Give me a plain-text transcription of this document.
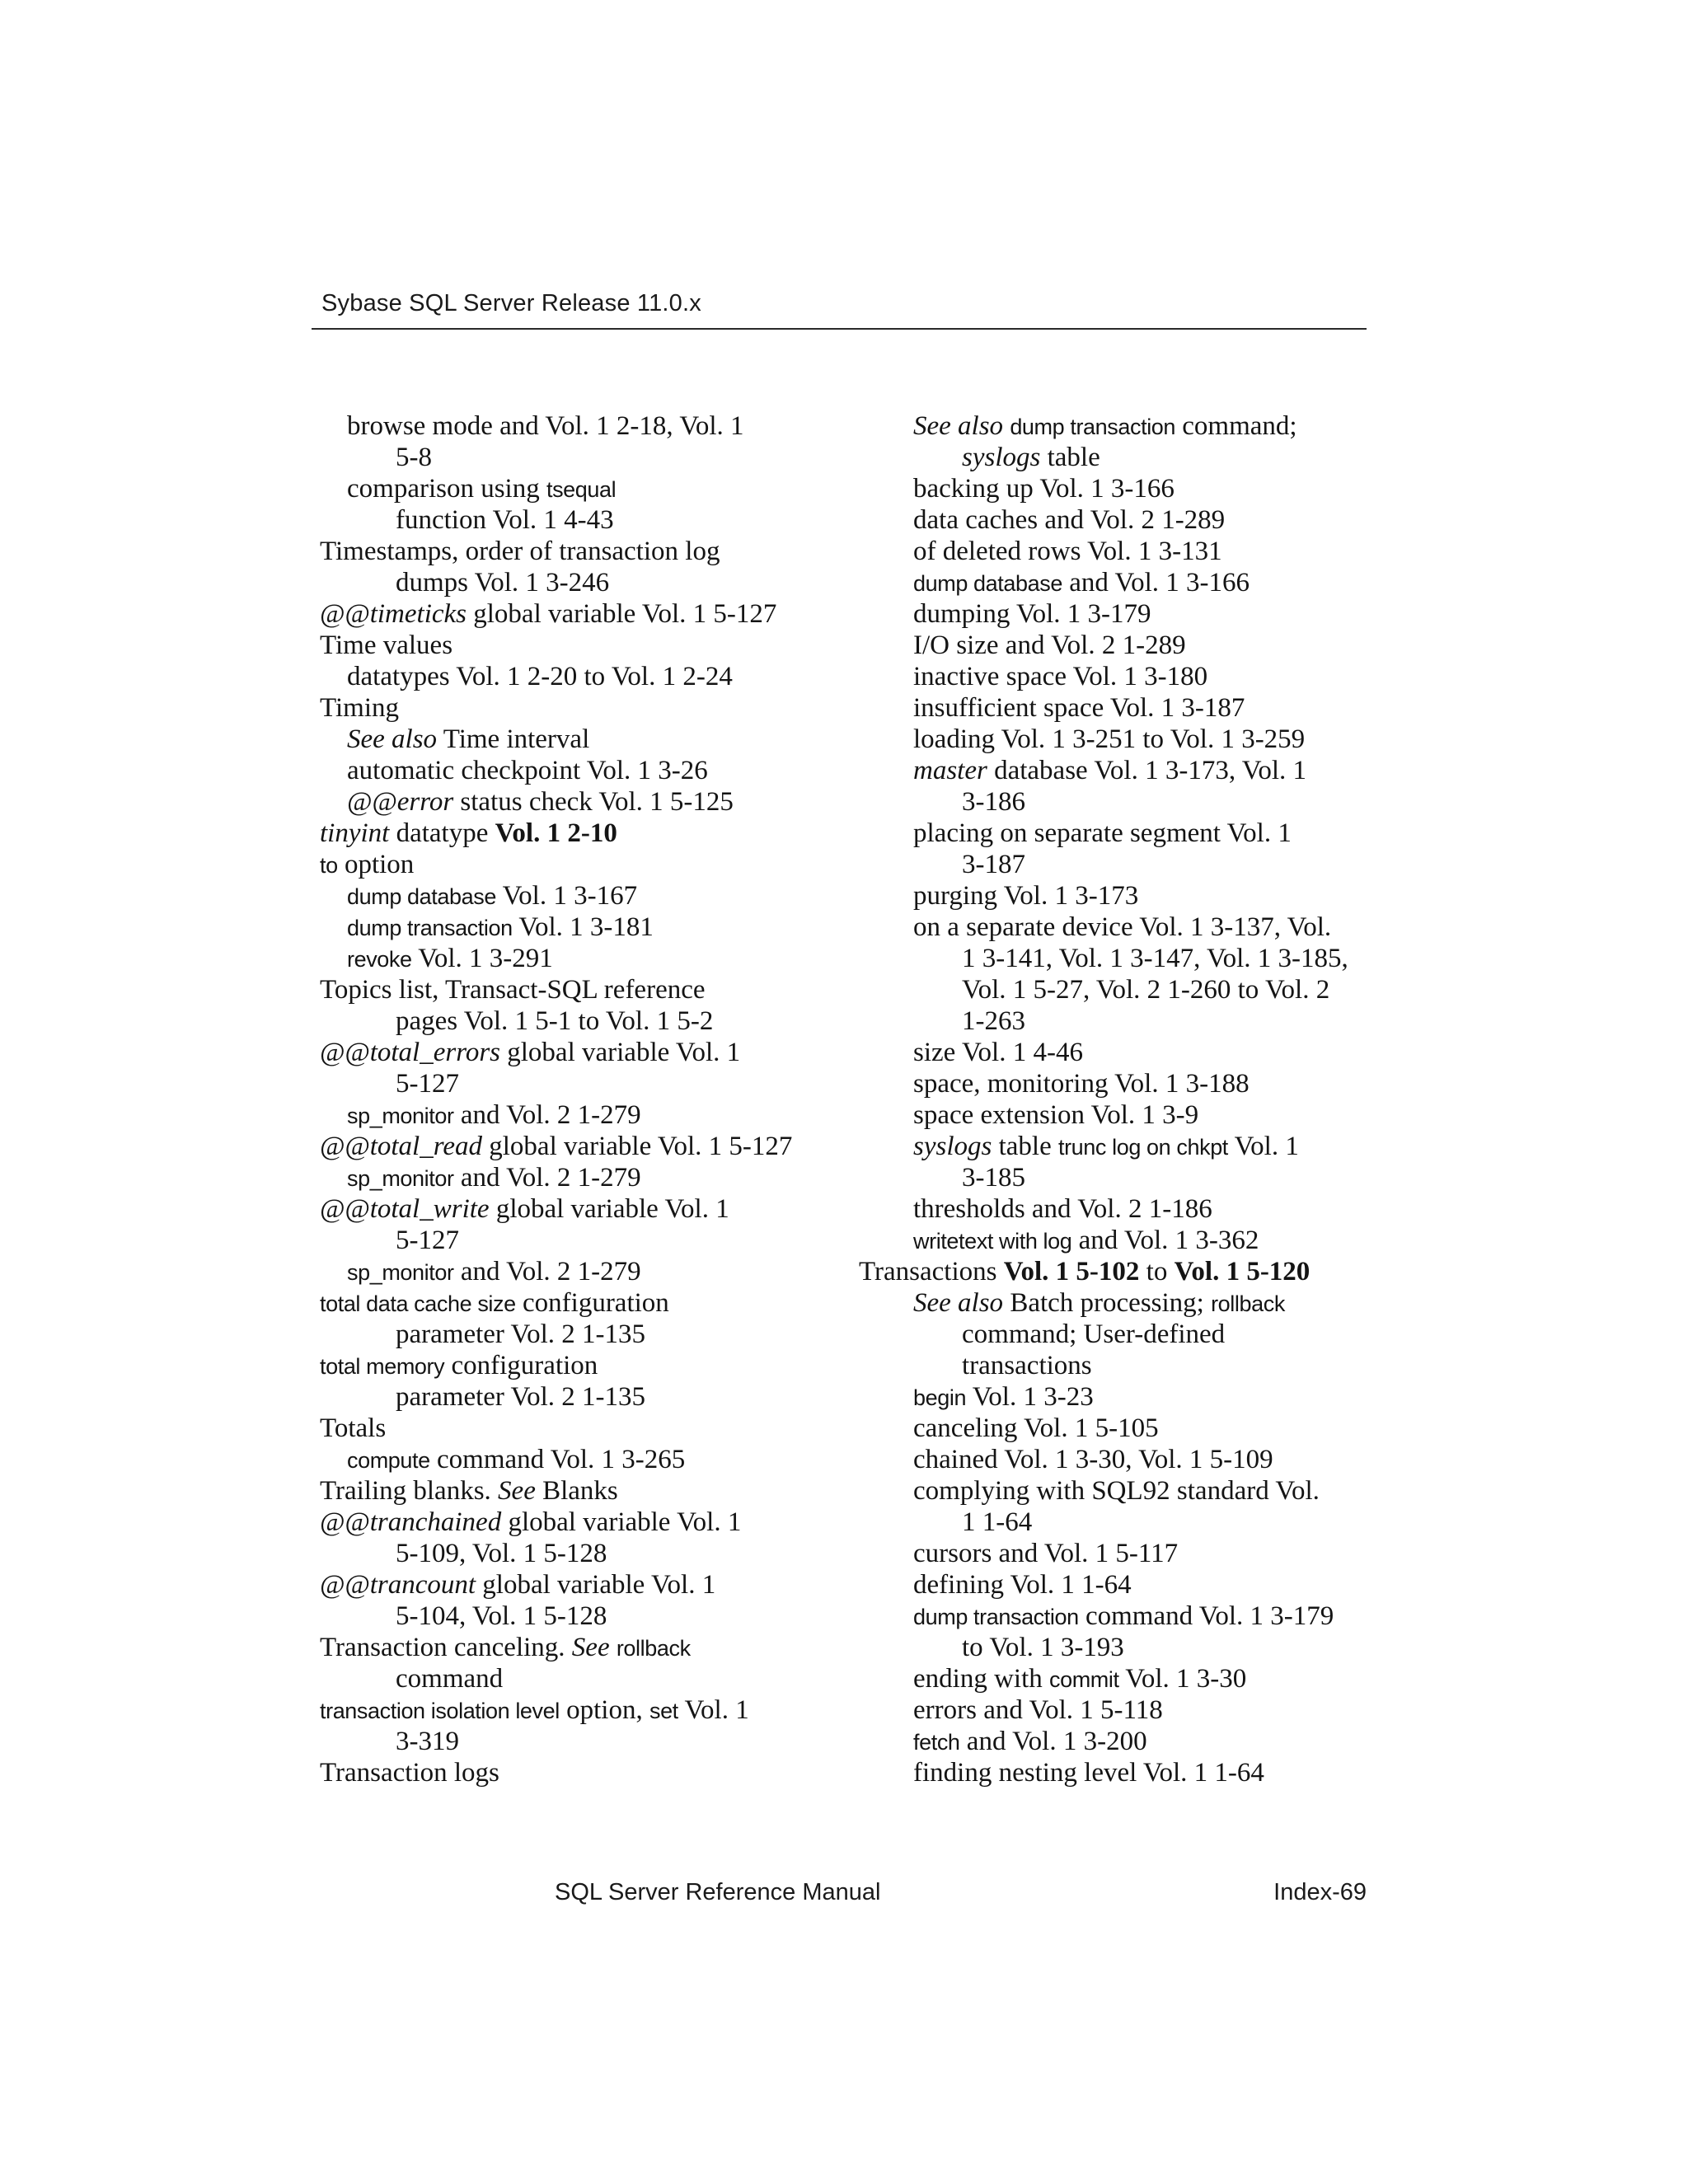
Sybase SQL Server Release 11.0.x
browse mode and Vol. 1 2-18, Vol. 1
5-8
comparison using tsequal
function Vol. 1 4-43
Timestamps, order of transaction log
dumps Vol. 1 3-246
@@timeticks global variable Vol. 1 5-127
Time values
datatypes Vol. 1 2-20 to Vol. 1 2-24
Timing
See also Time interval
automatic checkpoint Vol. 1 3-26
@@error status check Vol. 1 5-125
tinyint datatype Vol. 1 2-10
to option
dump database Vol. 1 3-167
dump transaction Vol. 1 3-181
revoke Vol. 1 3-291
Topics list, Transact-SQL reference
pages Vol. 1 5-1 to Vol. 1 5-2
@@total_errors global variable Vol. 1
5-127
sp_monitor and Vol. 2 1-279
@@total_read global variable Vol. 1 5-127
sp_monitor and Vol. 2 1-279
@@total_write global variable Vol. 1
5-127
sp_monitor and Vol. 2 1-279
total data cache size configuration
parameter Vol. 2 1-135
total memory configuration
parameter Vol. 2 1-135
Totals
compute command Vol. 1 3-265
Trailing blanks. See Blanks
@@tranchained global variable Vol. 1
5-109, Vol. 1 5-128
@@trancount global variable Vol. 1
5-104, Vol. 1 5-128
Transaction canceling. See rollback
command
transaction isolation level option, set Vol. 1
3-319
Transaction logs
See also dump transaction command;
syslogs table
backing up Vol. 1 3-166
data caches and Vol. 2 1-289
of deleted rows Vol. 1 3-131
dump database and Vol. 1 3-166
dumping Vol. 1 3-179
I/O size and Vol. 2 1-289
inactive space Vol. 1 3-180
insufficient space Vol. 1 3-187
loading Vol. 1 3-251 to Vol. 1 3-259
master database Vol. 1 3-173, Vol. 1
3-186
placing on separate segment Vol. 1
3-187
purging Vol. 1 3-173
on a separate device Vol. 1 3-137, Vol.
1 3-141, Vol. 1 3-147, Vol. 1 3-185,
Vol. 1 5-27, Vol. 2 1-260 to Vol. 2
1-263
size Vol. 1 4-46
space, monitoring Vol. 1 3-188
space extension Vol. 1 3-9
syslogs table trunc log on chkpt Vol. 1
3-185
thresholds and Vol. 2 1-186
writetext with log and Vol. 1 3-362
Transactions Vol. 1 5-102 to Vol. 1 5-120
See also Batch processing; rollback
command; User-defined
transactions
begin Vol. 1 3-23
canceling Vol. 1 5-105
chained Vol. 1 3-30, Vol. 1 5-109
complying with SQL92 standard Vol.
1 1-64
cursors and Vol. 1 5-117
defining Vol. 1 1-64
dump transaction command Vol. 1 3-179
to Vol. 1 3-193
ending with commit Vol. 1 3-30
errors and Vol. 1 5-118
fetch and Vol. 1 3-200
finding nesting level Vol. 1 1-64
SQL Server Reference Manual	Index-69
